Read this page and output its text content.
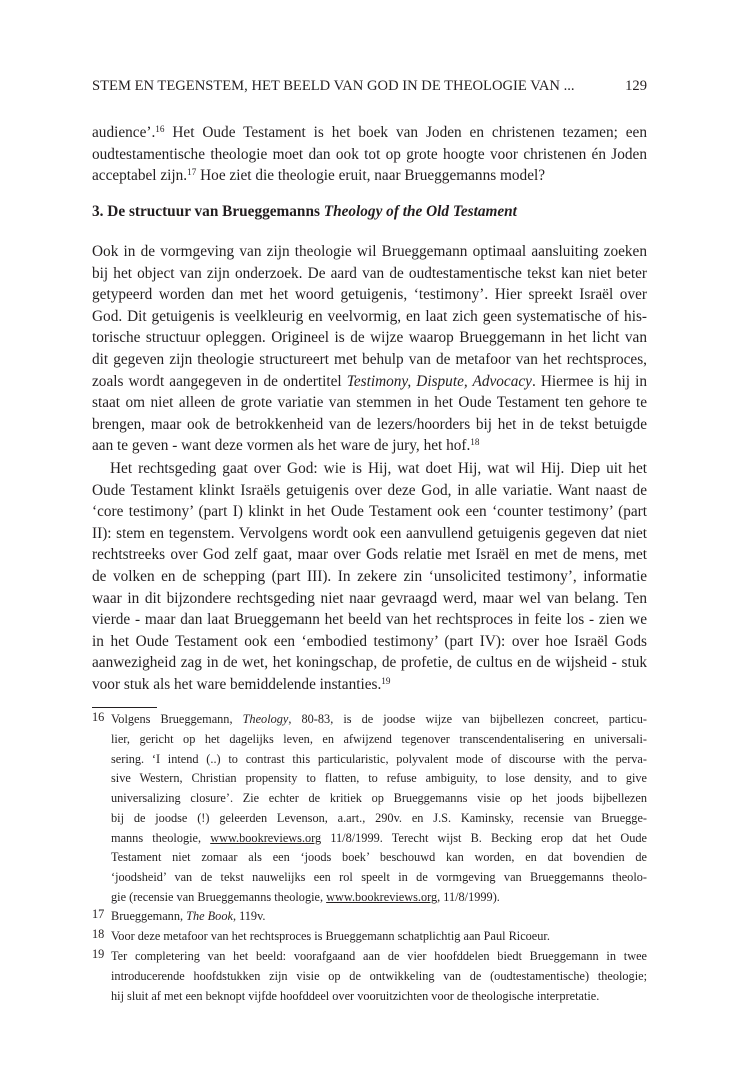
STEM EN TEGENSTEM, HET BEELD VAN GOD IN DE THEOLOGIE VAN ...	129
audience’.$^{16}$ Het Oude Testament is het boek van Joden en christenen tezamen; een
oudtestamentische theologie moet dan ook tot op grote hoogte voor christenen én Joden
acceptabel zijn.$^{17}$ Hoe ziet die theologie eruit, naar Brueggemanns model?
3. De structuur van Brueggemanns Theology of the Old Testament
Ook in de vormgeving van zijn theologie wil Brueggemann optimaal aansluiting zoeken
bij het object van zijn onderzoek. De aard van de oudtestamentische tekst kan niet beter
getypeerd worden dan met het woord getuigenis, ‘testimony’. Hier spreekt Israël over
God. Dit getuigenis is veelkleurig en veelvormig, en laat zich geen systematische of his-
torische structuur opleggen. Origineel is de wijze waarop Brueggemann in het licht van
dit gegeven zijn theologie structureert met behulp van de metafoor van het rechtsproces,
zoals wordt aangegeven in de ondertitel Testimony, Dispute, Advocacy. Hiermee is hij in
staat om niet alleen de grote variatie van stemmen in het Oude Testament ten gehore te
brengen, maar ook de betrokkenheid van de lezers/hoorders bij het in de tekst betuigde
aan te geven - want deze vormen als het ware de jury, het hof.$^{18}$
Het rechtsgeding gaat over God: wie is Hij, wat doet Hij, wat wil Hij. Diep uit het
Oude Testament klinkt Israëls getuigenis over deze God, in alle variatie. Want naast de
‘core testimony’ (part I) klinkt in het Oude Testament ook een ‘counter testimony’ (part
II): stem en tegenstem. Vervolgens wordt ook een aanvullend getuigenis gegeven dat niet
rechtstreeks over God zelf gaat, maar over Gods relatie met Israël en met de mens, met
de volken en de schepping (part III). In zekere zin ‘unsolicited testimony’, informatie
waar in dit bijzondere rechtsgeding niet naar gevraagd werd, maar wel van belang. Ten
vierde - maar dan laat Brueggemann het beeld van het rechtsproces in feite los - zien we
in het Oude Testament ook een ‘embodied testimony’ (part IV): over hoe Israël Gods
aanwezigheid zag in de wet, het koningschap, de profetie, de cultus en de wijsheid - stuk
voor stuk als het ware bemiddelende instanties.$^{19}$
16 Volgens Brueggemann, Theology, 80-83, is de joodse wijze van bijbellezen concreet, particu-
lier, gericht op het dagelijks leven, en afwijzend tegenover transcendentalisering en universali-
sering. ‘I intend (..) to contrast this particularistic, polyvalent mode of discourse with the perva-
sive Western, Christian propensity to flatten, to refuse ambiguity, to lose density, and to give
universalizing closure’. Zie echter de kritiek op Brueggemanns visie op het joods bijbellezen
bij de joodse (!) geleerden Levenson, a.art., 290v. en J.S. Kaminsky, recensie van Brueggе-
manns theologie, www.bookreviews.org 11/8/1999. Terecht wijst B. Becking erop dat het Oude
Testament niet zomaar als een ‘joods boek’ beschouwd kan worden, en dat bovendien de
‘joodsheid’ van de tekst nauwelijks een rol speelt in de vormgeving van Brueggemanns theolo-
gie (recensie van Brueggemanns theologie, www.bookreviews.org, 11/8/1999).
17 Brueggemann, The Book, 119v.
18 Voor deze metafoor van het rechtsproces is Brueggemann schatplichtig aan Paul Ricoeur.
19 Ter completering van het beeld: voorafgaand aan de vier hoofddelen biedt Brueggemann in twee
introducerende hoofdstukken zijn visie op de ontwikkeling van de (oudtestamentische) theologie;
hij sluit af met een beknopt vijfde hoofddeel over vooruitzichten voor de theologische interpretatie.
